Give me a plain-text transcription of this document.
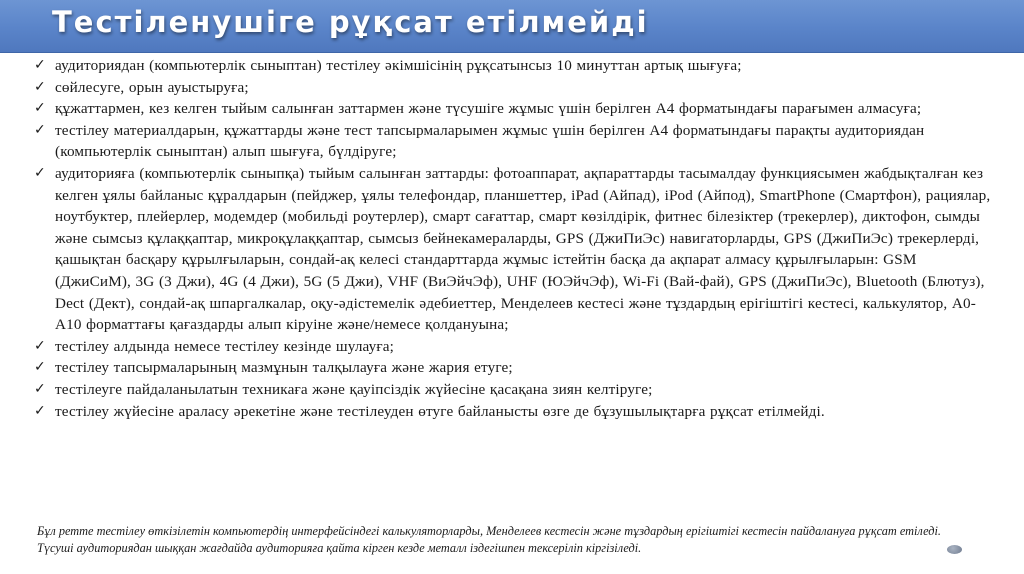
Тестіленушіге рұқсат етілмейді
✓ аудиториядан (компьютерлік сыныптан) тестілеу әкімшісінің рұқсатынсыз 10 минуттан артық шығуға;
✓ сөйлесуге, орын ауыстыруға;
✓ құжаттармен, кез келген тыйым салынған заттармен және түсушіге жұмыс үшін берілген А4 форматындағы парағымен алмасуға;
✓ тестілеу материалдарын, құжаттарды және тест тапсырмаларымен жұмыс үшін берілген А4 форматындағы парақты аудиториядан (компьютерлік сыныптан) алып шығуға, бүлдіруге;
✓ аудиторияға (компьютерлік сыныпқа) тыйым салынған заттарды: фотоаппарат, ақпараттарды тасымалдау функциясымен жабдықталған кез келген ұялы байланыс құралдарын (пейджер, ұялы телефондар, планшеттер, iPad (Айпад), iPod (Айпод), SmartPhone (Смартфон), рациялар, ноутбуктер, плейерлер, модемдер (мобильді роутерлер), смарт сағаттар, смарт көзілдірік, фитнес білезіктер (трекерлер), диктофон, сымды және сымсыз құлаққаптар, микроқұлаққаптар, сымсыз бейнекамераларды, GPS (ДжиПиЭс) навигаторларды, GPS (ДжиПиЭс) трекерлерді, қашықтан басқару құрылғыларын, сондай-ақ келесі стандарттарда жұмыс істейтін басқа да ақпарат алмасу құрылғыларын: GSM (ДжиСиМ), 3G (3 Джи), 4G (4 Джи), 5G (5 Джи), VHF (ВиЭйчЭф), UHF (ЮЭйчЭф), Wi-Fi (Вай-фай), GPS (ДжиПиЭс), Bluetooth (Блютуз), Dect (Дект), сондай-ақ шпаргалкалар, оқу-әдістемелік әдебиеттер, Менделеев кестесі және тұздардың ерігіштігі кестесі, калькулятор, А0-А10 форматтағы қағаздарды алып кіруіне және/немесе қолдануына;
✓ тестілеу алдында немесе тестілеу кезінде шулауға;
✓ тестілеу тапсырмаларының мазмұнын талқылауға және жария етуге;
✓ тестілеуге пайдаланылатын техникаға және қауіпсіздік жүйесіне қасақана зиян келтіруге;
✓ тестілеу жүйесіне араласу әрекетіне және тестілеуден өтуге байланысты өзге де бұзушылықтарға рұқсат етілмейді.
Бұл ретте тестілеу өткізілетін компьютердің интерфейсіндегі калькуляторларды, Менделеев кестесін және тұздардың ерігіштігі кестесін пайдалануға рұқсат етіледі. Түсуші аудиториядан шыққан жағдайда аудиторияға қайта кірген кезде металл іздегішпен тексеріліп кіргізіледі.
